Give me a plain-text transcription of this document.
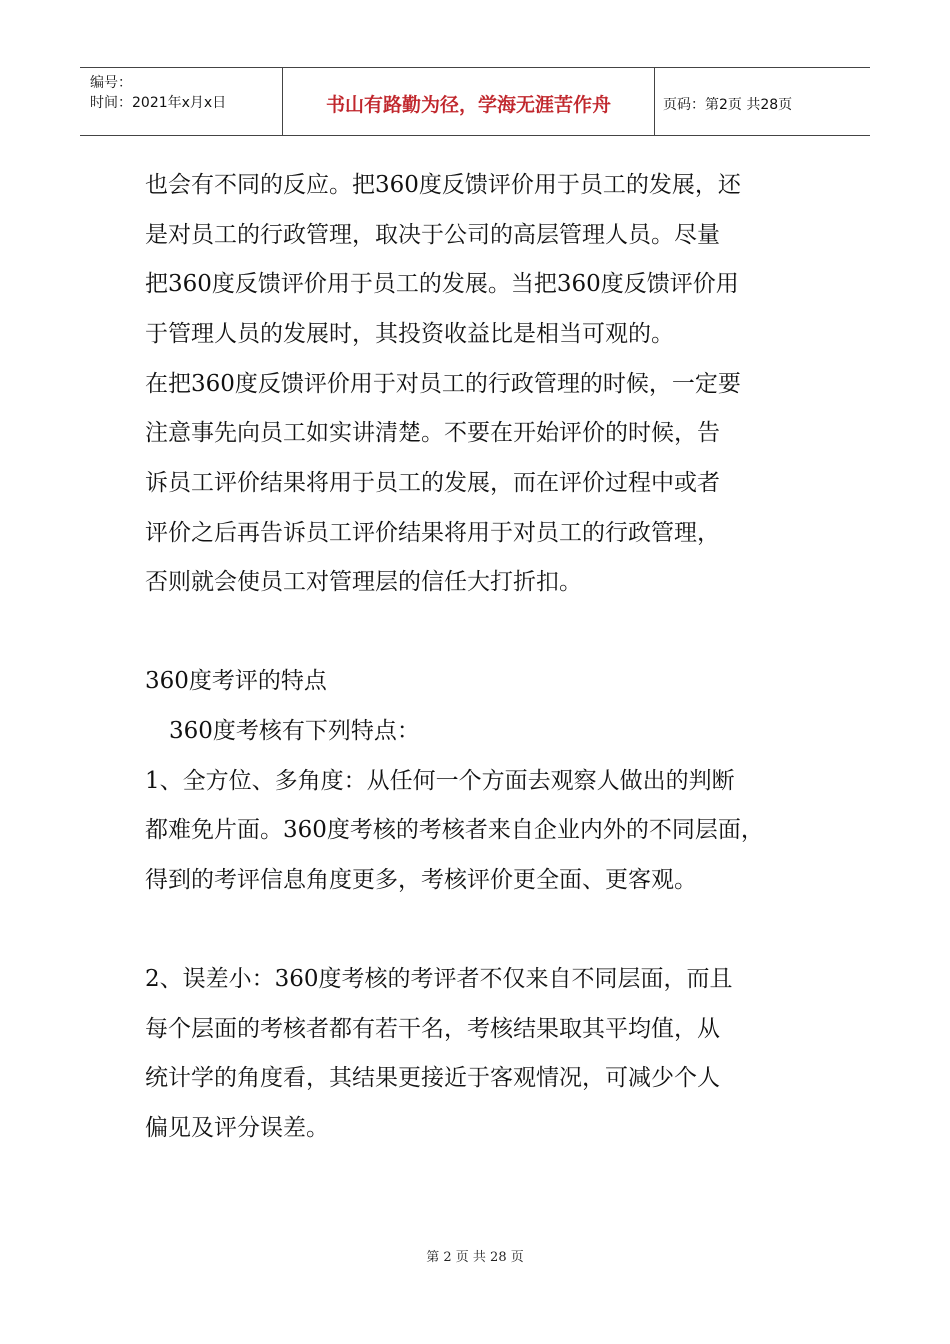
编号：
时间：2021年x月x日	书山有路勤为径，学海无涯苦作舟	页码：第2页 共28页
也会有不同的反应。把360度反馈评价用于员工的发展，还
是对员工的行政管理，取决于公司的高层管理人员。尽量
把360度反馈评价用于员工的发展。当把360度反馈评价用
于管理人员的发展时，其投资收益比是相当可观的。
在把360度反馈评价用于对员工的行政管理的时候，一定要
注意事先向员工如实讲清楚。不要在开始评价的时候，告
诉员工评价结果将用于员工的发展，而在评价过程中或者
评价之后再告诉员工评价结果将用于对员工的行政管理，
否则就会使员工对管理层的信任大打折扣。
360度考评的特点
360度考核有下列特点：
1、全方位、多角度：从任何一个方面去观察人做出的判断
都难免片面。360度考核的考核者来自企业内外的不同层面，
得到的考评信息角度更多，考核评价更全面、更客观。
2、误差小：360度考核的考评者不仅来自不同层面，而且
每个层面的考核者都有若干名，考核结果取其平均值，从
统计学的角度看，其结果更接近于客观情况，可减少个人
偏见及评分误差。
第 2 页 共 28 页
